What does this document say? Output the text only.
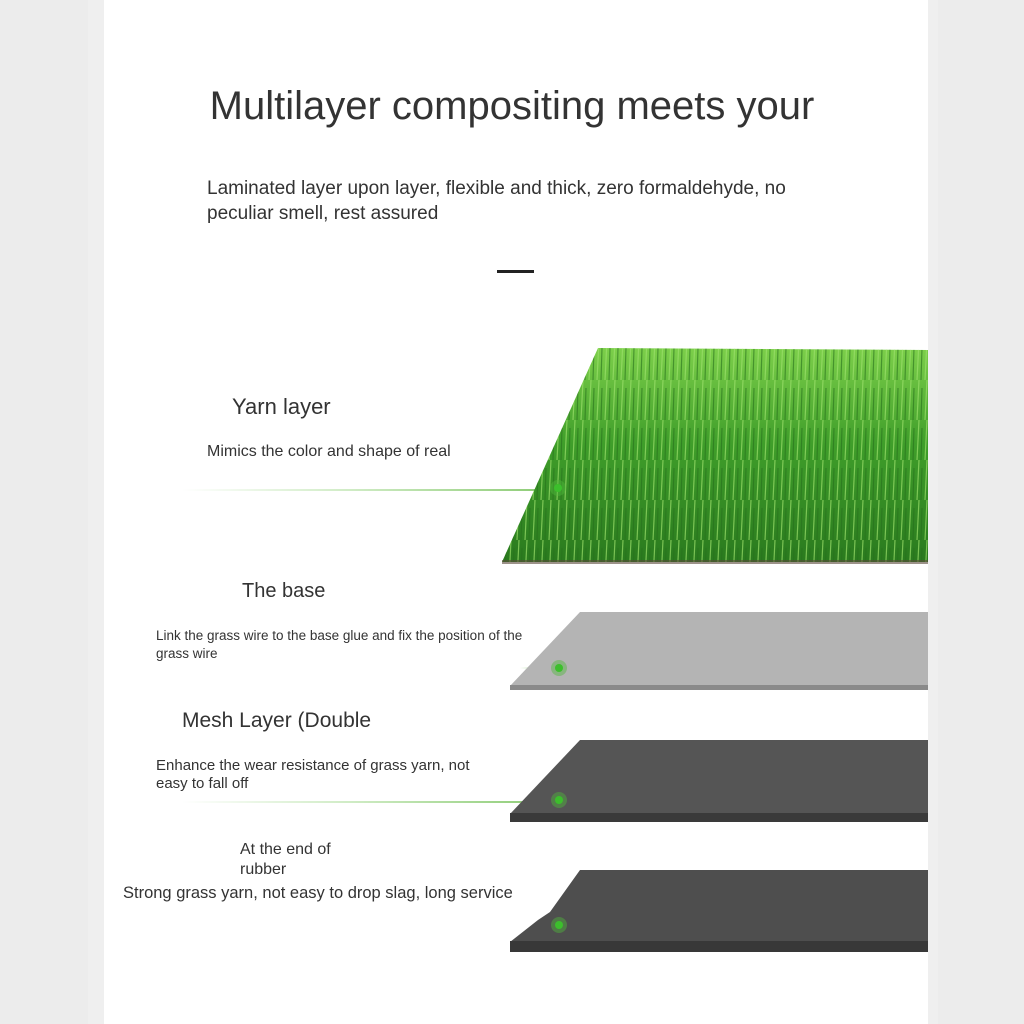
Multilayer compositing meets your

Laminated layer upon layer, flexible and thick, zero formaldehyde, no peculiar smell, rest assured

Yarn layer
Mimics the color and shape of real
The base
Link the grass wire to the base glue and fix the position of the grass wire
Mesh Layer (Double
Enhance the wear resistance of grass yarn, not easy to fall off
At the end of rubber
Strong grass yarn, not easy to drop slag, long service
